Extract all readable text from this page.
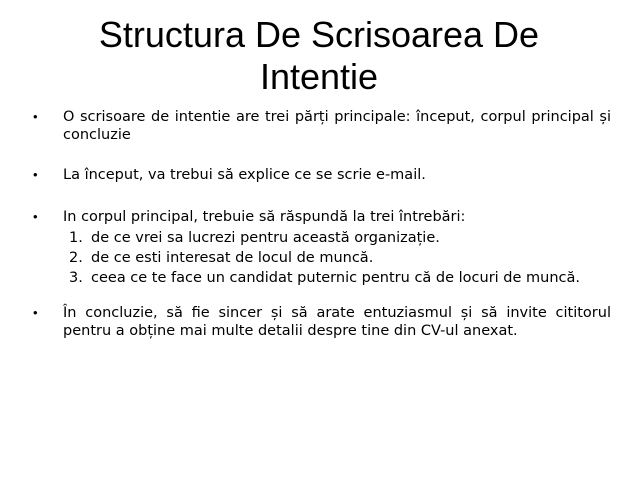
Structura De Scrisoarea De
Intentie
•	O scrisoare de intentie are trei părți principale: început, corpul principal și concluzie
•	La început, va trebui să explice ce se scrie e-mail.
•	In corpul principal, trebuie să răspundă la trei întrebări:
1. de ce vrei sa lucrezi pentru această organizație.
2. de ce esti interesat de locul de muncă.
3. ceea ce te face un candidat puternic pentru că de locuri de muncă.
•	În concluzie, să fie sincer și să arate entuziasmul și să invite cititorul pentru a obține mai multe detalii despre tine din CV-ul anexat.
